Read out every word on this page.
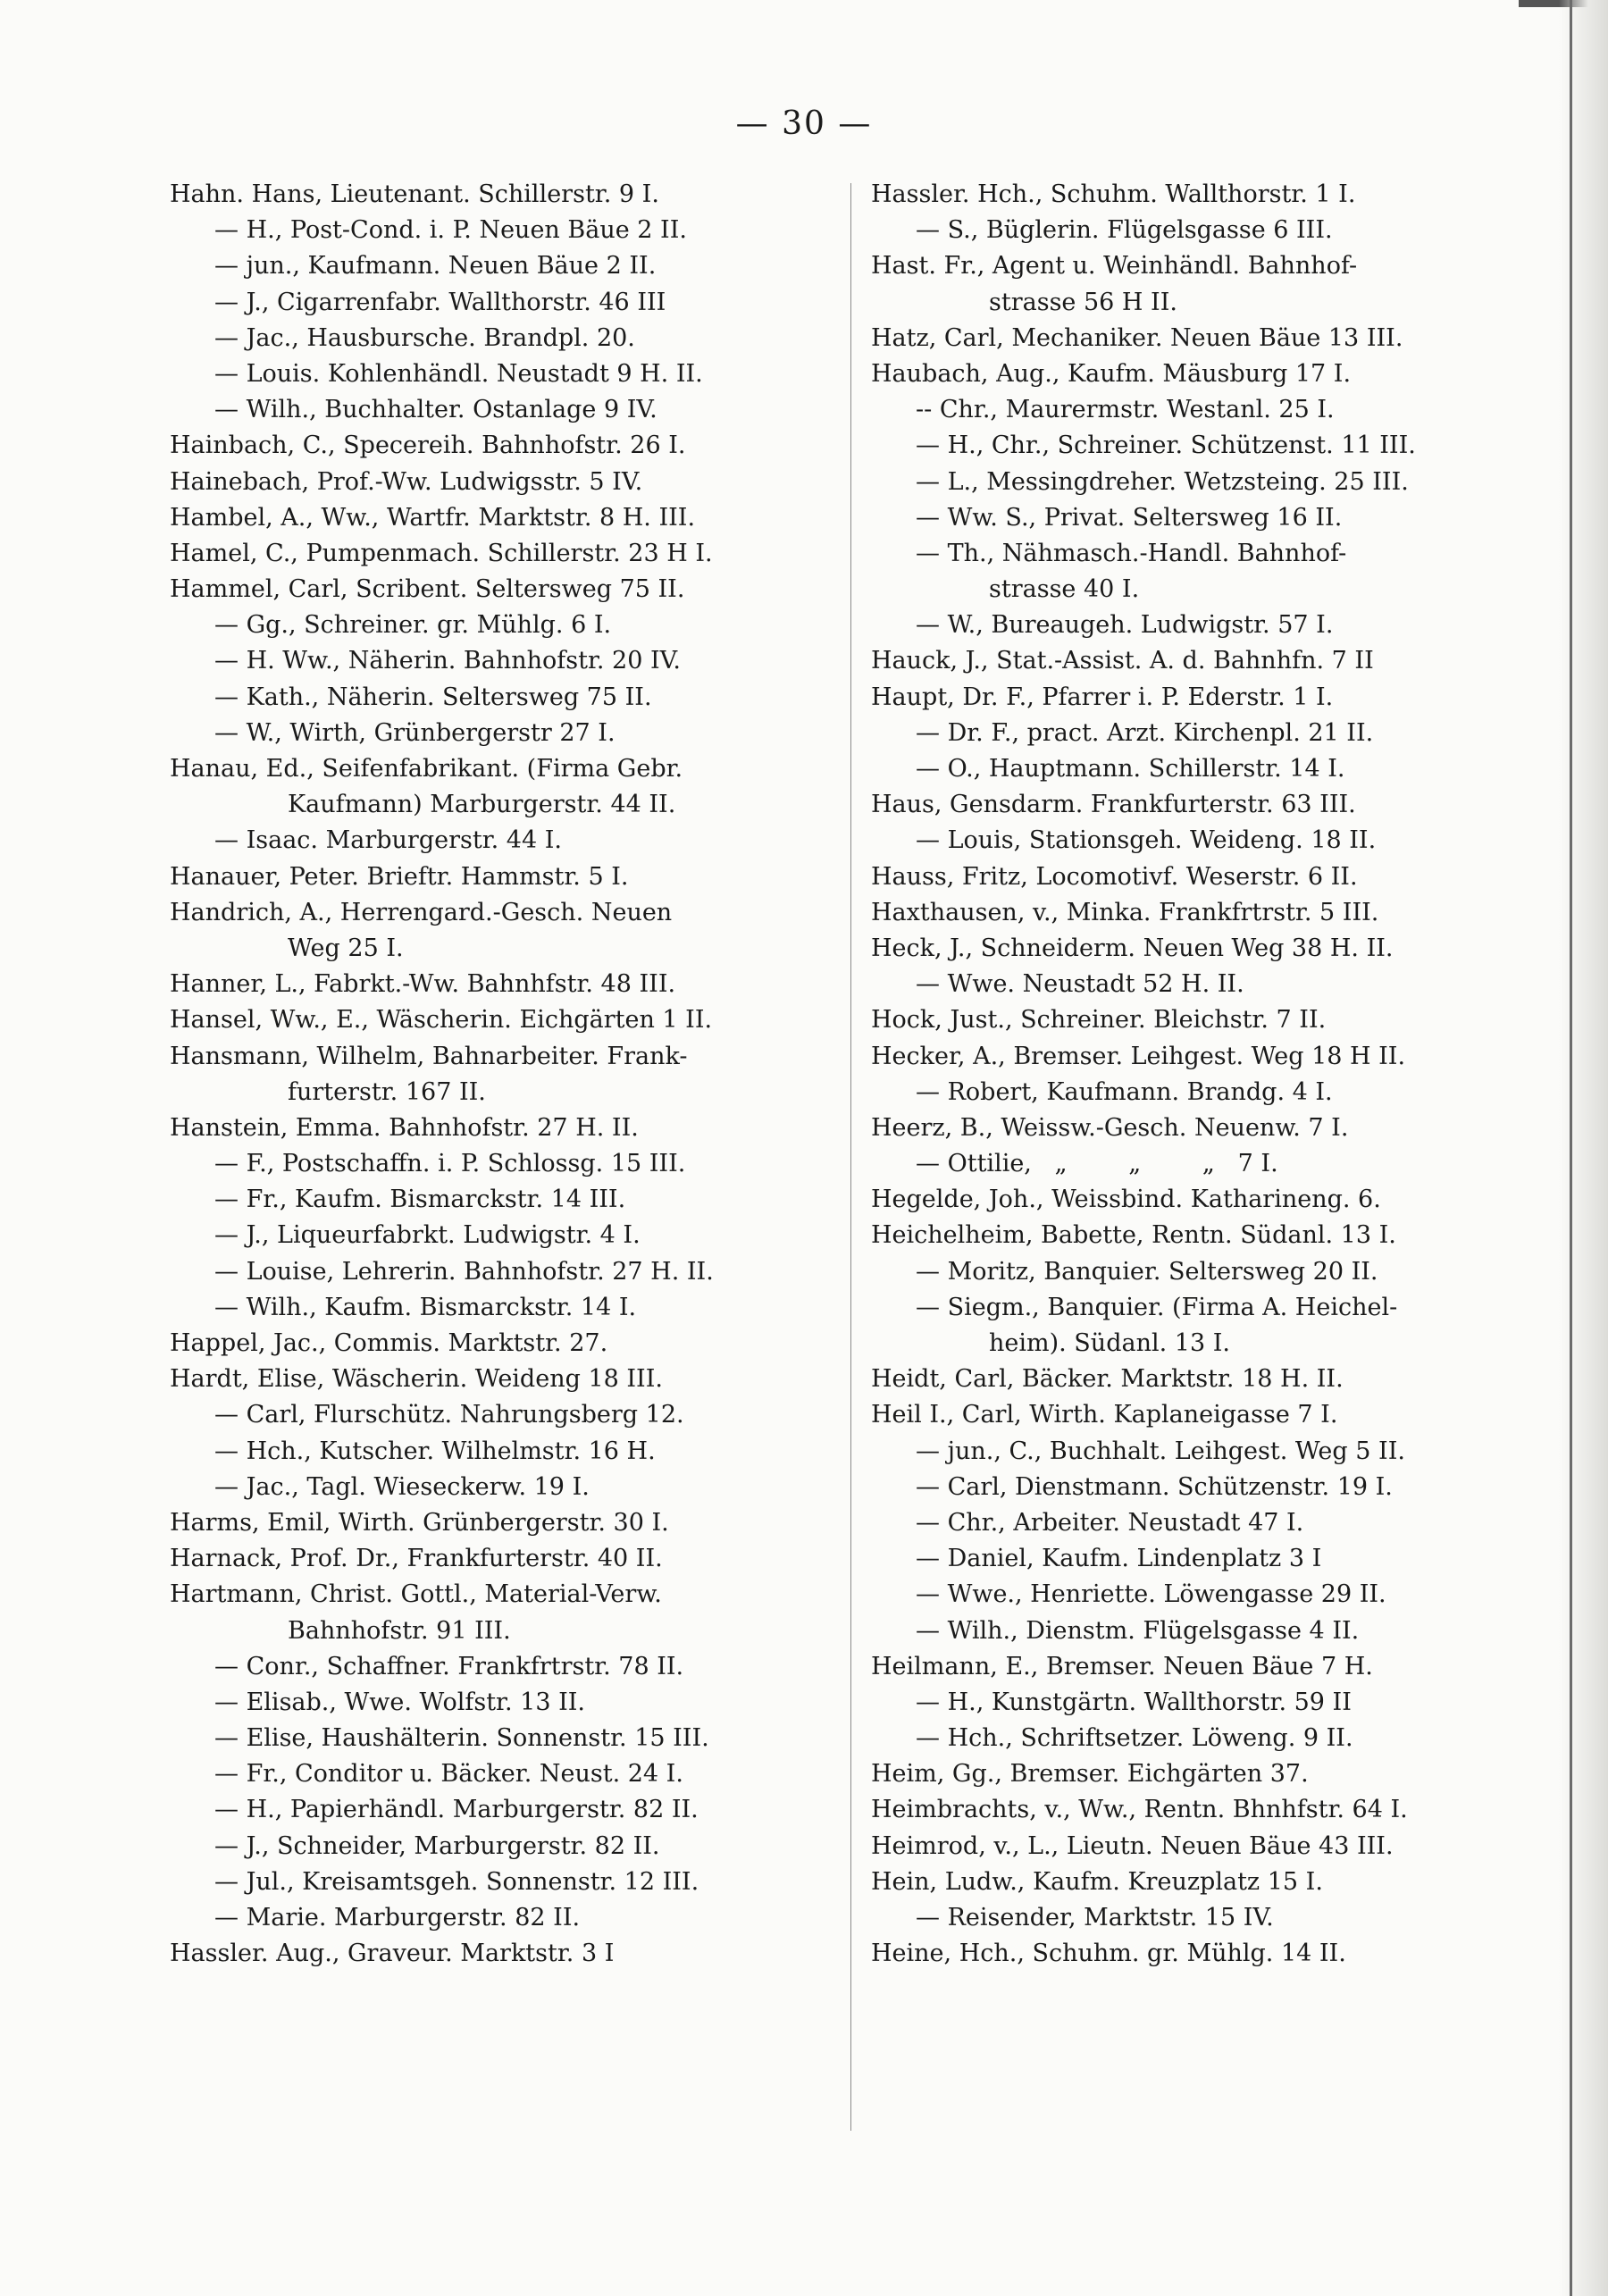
— 30 —
Hahn. Hans, Lieutenant. Schillerstr. 9 I.
— H., Post-Cond. i. P. Neuen Bäue 2 II.
— jun., Kaufmann. Neuen Bäue 2 II.
— J., Cigarrenfabr. Wallthorstr. 46 III
— Jac., Hausbursche. Brandpl. 20.
— Louis. Kohlenhändl. Neustadt 9 H. II.
— Wilh., Buchhalter. Ostanlage 9 IV.
Hainbach, C., Specereih. Bahnhofstr. 26 I.
Hainebach, Prof.-Ww. Ludwigsstr. 5 IV.
Hambel, A., Ww., Wartfr. Marktstr. 8 H. III.
Hamel, C., Pumpenmach. Schillerstr. 23 H I.
Hammel, Carl, Scribent. Seltersweg 75 II.
— Gg., Schreiner. gr. Mühlg. 6 I.
— H. Ww., Näherin. Bahnhofstr. 20 IV.
— Kath., Näherin. Seltersweg 75 II.
— W., Wirth, Grünbergerstr 27 I.
Hanau, Ed., Seifenfabrikant. (Firma Gebr.
Kaufmann) Marburgerstr. 44 II.
— Isaac. Marburgerstr. 44 I.
Hanauer, Peter. Brieftr. Hammstr. 5 I.
Handrich, A., Herrengard.-Gesch. Neuen
Weg 25 I.
Hanner, L., Fabrkt.-Ww. Bahnhfstr. 48 III.
Hansel, Ww., E., Wäscherin. Eichgärten 1 II.
Hansmann, Wilhelm, Bahnarbeiter. Frank-
furterstr. 167 II.
Hanstein, Emma. Bahnhofstr. 27 H. II.
— F., Postschaffn. i. P. Schlossg. 15 III.
— Fr., Kaufm. Bismarckstr. 14 III.
— J., Liqueurfabrkt. Ludwigstr. 4 I.
— Louise, Lehrerin. Bahnhofstr. 27 H. II.
— Wilh., Kaufm. Bismarckstr. 14 I.
Happel, Jac., Commis. Marktstr. 27.
Hardt, Elise, Wäscherin. Weideng 18 III.
— Carl, Flurschütz. Nahrungsberg 12.
— Hch., Kutscher. Wilhelmstr. 16 H.
— Jac., Tagl. Wieseckerw. 19 I.
Harms, Emil, Wirth. Grünbergerstr. 30 I.
Harnack, Prof. Dr., Frankfurterstr. 40 II.
Hartmann, Christ. Gottl., Material-Verw.
Bahnhofstr. 91 III.
— Conr., Schaffner. Frankfrtrstr. 78 II.
— Elisab., Wwe. Wolfstr. 13 II.
— Elise, Haushälterin. Sonnenstr. 15 III.
— Fr., Conditor u. Bäcker. Neust. 24 I.
— H., Papierhändl. Marburgerstr. 82 II.
— J., Schneider, Marburgerstr. 82 II.
— Jul., Kreisamtsgeh. Sonnenstr. 12 III.
— Marie. Marburgerstr. 82 II.
Hassler. Aug., Graveur. Marktstr. 3 I
Hassler. Hch., Schuhm. Wallthorstr. 1 I.
— S., Büglerin. Flügelsgasse 6 III.
Hast. Fr., Agent u. Weinhändl. Bahnhof-
strasse 56 H II.
Hatz, Carl, Mechaniker. Neuen Bäue 13 III.
Haubach, Aug., Kaufm. Mäusburg 17 I.
-- Chr., Maurermstr. Westanl. 25 I.
— H., Chr., Schreiner. Schützenst. 11 III.
— L., Messingdreher. Wetzsteing. 25 III.
— Ww. S., Privat. Seltersweg 16 II.
— Th., Nähmasch.-Handl. Bahnhof-
strasse 40 I.
— W., Bureaugeh. Ludwigstr. 57 I.
Hauck, J., Stat.-Assist. A. d. Bahnhfn. 7 II
Haupt, Dr. F., Pfarrer i. P. Ederstr. 1 I.
— Dr. F., pract. Arzt. Kirchenpl. 21 II.
— O., Hauptmann. Schillerstr. 14 I.
Haus, Gensdarm. Frankfurterstr. 63 III.
— Louis, Stationsgeh. Weideng. 18 II.
Hauss, Fritz, Locomotivf. Weserstr. 6 II.
Haxthausen, v., Minka. Frankfrtrstr. 5 III.
Heck, J., Schneiderm. Neuen Weg 38 H. II.
— Wwe. Neustadt 52 H. II.
Hock, Just., Schreiner. Bleichstr. 7 II.
Hecker, A., Bremser. Leihgest. Weg 18 H II.
— Robert, Kaufmann. Brandg. 4 I.
Heerz, B., Weissw.-Gesch. Neuenw. 7 I.
— Ottilie,   „        „        „   7 I.
Hegelde, Joh., Weissbind. Katharineng. 6.
Heichelheim, Babette, Rentn. Südanl. 13 I.
— Moritz, Banquier. Seltersweg 20 II.
— Siegm., Banquier. (Firma A. Heichel-
heim). Südanl. 13 I.
Heidt, Carl, Bäcker. Marktstr. 18 H. II.
Heil I., Carl, Wirth. Kaplaneigasse 7 I.
— jun., C., Buchhalt. Leihgest. Weg 5 II.
— Carl, Dienstmann. Schützenstr. 19 I.
— Chr., Arbeiter. Neustadt 47 I.
— Daniel, Kaufm. Lindenplatz 3 I
— Wwe., Henriette. Löwengasse 29 II.
— Wilh., Dienstm. Flügelsgasse 4 II.
Heilmann, E., Bremser. Neuen Bäue 7 H.
— H., Kunstgärtn. Wallthorstr. 59 II
— Hch., Schriftsetzer. Löweng. 9 II.
Heim, Gg., Bremser. Eichgärten 37.
Heimbrachts, v., Ww., Rentn. Bhnhfstr. 64 I.
Heimrod, v., L., Lieutn. Neuen Bäue 43 III.
Hein, Ludw., Kaufm. Kreuzplatz 15 I.
— Reisender, Marktstr. 15 IV.
Heine, Hch., Schuhm. gr. Mühlg. 14 II.
